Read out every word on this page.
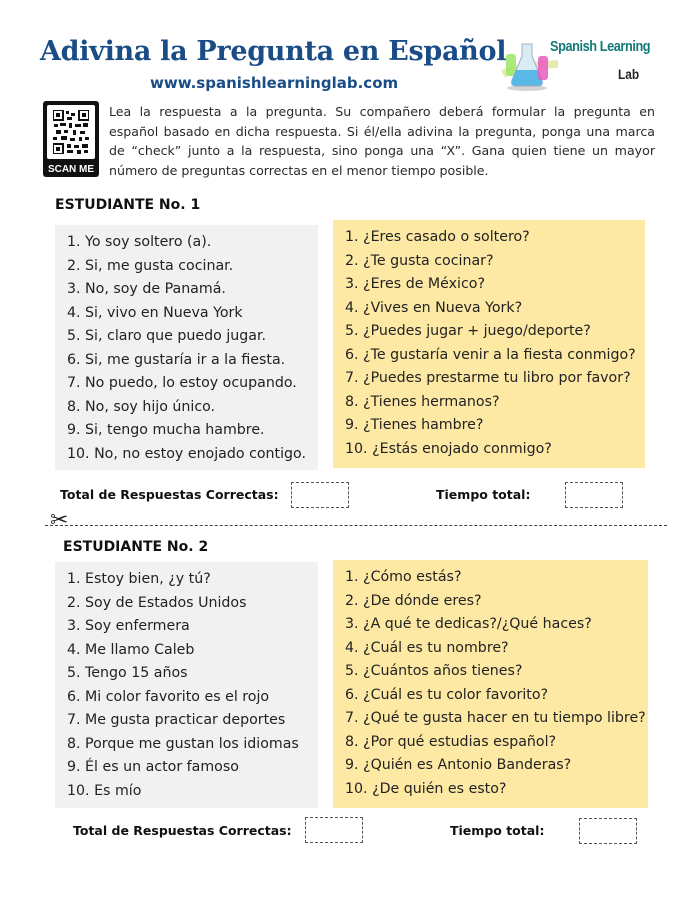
Adivina la Pregunta en Español
www.spanishlearninglab.com
Spanish Learning
Lab
SCAN ME
Lea la respuesta a la pregunta. Su compañero deberá formular la pregunta en español basado en dicha respuesta. Si él/ella adivina la pregunta, ponga una marca de “check” junto a la respuesta, sino ponga una “X”. Gana quien tiene un mayor número de preguntas correctas en el menor tiempo posible.
ESTUDIANTE No. 1
1. Yo soy soltero (a).
2. Si, me gusta cocinar.
3. No, soy de Panamá.
4. Si, vivo en Nueva York
5. Si, claro que puedo jugar.
6. Si, me gustaría ir a la fiesta.
7. No puedo, lo estoy ocupando.
8. No, soy hijo único.
9. Si, tengo mucha hambre.
10. No, no estoy enojado contigo.
1. ¿Eres casado o soltero?
2. ¿Te gusta cocinar?
3. ¿Eres de México?
4. ¿Vives en Nueva York?
5. ¿Puedes jugar + juego/deporte?
6. ¿Te gustaría venir a la fiesta conmigo?
7. ¿Puedes prestarme tu libro por favor?
8. ¿Tienes hermanos?
9. ¿Tienes hambre?
10. ¿Estás enojado conmigo?
Total de Respuestas Correctas:	Tiempo total:
✂
ESTUDIANTE No. 2
1. Estoy bien, ¿y tú?
2. Soy de Estados Unidos
3. Soy enfermera
4. Me llamo Caleb
5. Tengo 15 años
6. Mi color favorito es el rojo
7. Me gusta practicar deportes
8. Porque me gustan los idiomas
9. Él es un actor famoso
10. Es mío
1. ¿Cómo estás?
2. ¿De dónde eres?
3. ¿A qué te dedicas?/¿Qué haces?
4. ¿Cuál es tu nombre?
5. ¿Cuántos años tienes?
6. ¿Cuál es tu color favorito?
7. ¿Qué te gusta hacer en tu tiempo libre?
8. ¿Por qué estudias español?
9. ¿Quién es Antonio Banderas?
10. ¿De quién es esto?
Total de Respuestas Correctas:	Tiempo total:
